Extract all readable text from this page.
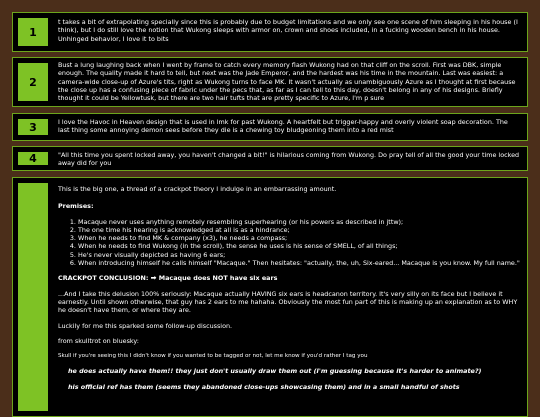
1
t takes a bit of extrapolating specially since this is probably due to budget limitations and we only see one scene of him sleeping in his house (I think), but I do still love the notion that Wukong sleeps with armor on, crown and shoes included, in a fucking wooden bench in his house. Unhinged behavior, I love it to bits
2
Bust a lung laughing back when I went by frame to catch every memory flash Wukong had on that cliff on the scroll. First was DBK, simple enough. The quality made it hard to tell, but next was the Jade Emperor, and the hardest was his time in the mountain. Last was easiest: a camera-wide close-up of Azure's tits, right as Wukong turns to face MK. It wasn't actually as unambiguously Azure as I thought at first because the close up has a confusing piece of fabric under the pecs that, as far as I can tell to this day, doesn't belong in any of his designs. Briefly thought it could be Yellowtusk, but there are two hair tufts that are pretty specific to Azure, I'm p sure
3	I love the Havoc in Heaven design that is used in lmk for past Wukong. A heartfelt but trigger-happy and overly violent soap decoration. The last thing some annoying demon sees before they die is a chewing toy bludgeoning them into a red mist
4	"All this time you spent locked away, you haven't changed a bit!" is hilarious coming from Wukong. Do pray tell of all the good your time locked away did for you

This is the big one, a thread of a crackpot theory I indulge in an embarrassing amount.

Premises:

1. Macaque never uses anything remotely resembling superhearing (or his powers as described in jttw);
2. The one time his hearing is acknowledged at all is as a hindrance;
3. When he needs to find MK & company (x3), he needs a compass;
4. When he needs to find Wukong (in the scroll), the sense he uses is his sense of SMELL, of all things;
5. He's never visually depicted as having 6 ears;
6. When introducing himself he calls himself "Macaque." Then hesitates: "actually, the, uh, Six-eared... Macaque is you know. My full name."

CRACKPOT CONCLUSION: ➡ Macaque does NOT have six ears

...And I take this delusion 100% seriously: Macaque actually HAVING six ears is headcanon territory. It's very silly on its face but I believe it earnestly. Until shown otherwise, that guy has 2 ears to me hahaha. Obviously the most fun part of this is making up an explanation as to WHY he doesn't have them, or where they are.

Luckily for me this sparked some follow-up discussion.

from skulltrot on bluesky:

Skull if you're seeing this I didn't know if you wanted to be tagged or not, let me know if you'd rather I tag you

he does actually have them!! they just don't usually draw them out (I'm guessing because it's harder to animate?)

his official ref has them (seems they abandoned close-ups showcasing them) and in a small handful of shots
